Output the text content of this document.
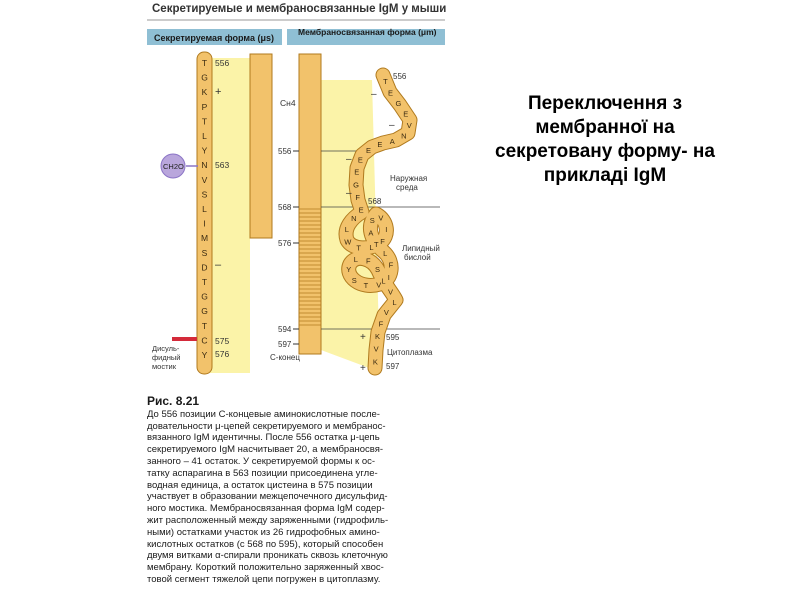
Секретируемые и мембраносвязанные IgM у мыши
Секретируемая форма (μs)
Мембраносвязанная форма (μm)
T
G
K
P
T
L
Y
N
V
S
L
I
M
S
D
T
G
G
T
C
Y
556
563
575
576
+
–
CH2O
Дисуль- фидный мостик
Cн4
556
568
576
594
597
С-конец
T
E
G
E
V
N
A
E
E
E
E
G
F
E
N
L
W
T L
F
I
V
S
A
T
L
F
I
V
T
S
Y
L F
S
L
V
L
V
F
K
V
K
556
568
595
597
–
–
–
–
+
+
Наружная среда
Липидный бислой
Цитоплазма
Переключення з
мембранної на
секретовану форму- на
прикладі IgM
Рис. 8.21
До 556 позиции С-концевые аминокислотные после-
довательности μ-цепей секретируемого и мембранос-
вязанного IgM идентичны. После 556 остатка μ-цепь
секретируемого IgM насчитывает 20, а мембраносвя-
занного – 41 остаток. У секретируемой формы к ос-
татку аспарагина в 563 позиции присоединена угле-
водная единица, а остаток цистеина в 575 позиции
участвует в образовании межцепочечного дисульфид-
ного мостика. Мембраносвязанная форма IgM содер-
жит расположенный между заряженными (гидрофиль-
ными) остатками участок из 26 гидрофобных амино-
кислотных остатков (с 568 по 595), который способен
двумя витками α-спирали проникать сквозь клеточную
мембрану. Короткий положительно заряженный хвос-
товой сегмент тяжелой цепи погружен в цитоплазму.
